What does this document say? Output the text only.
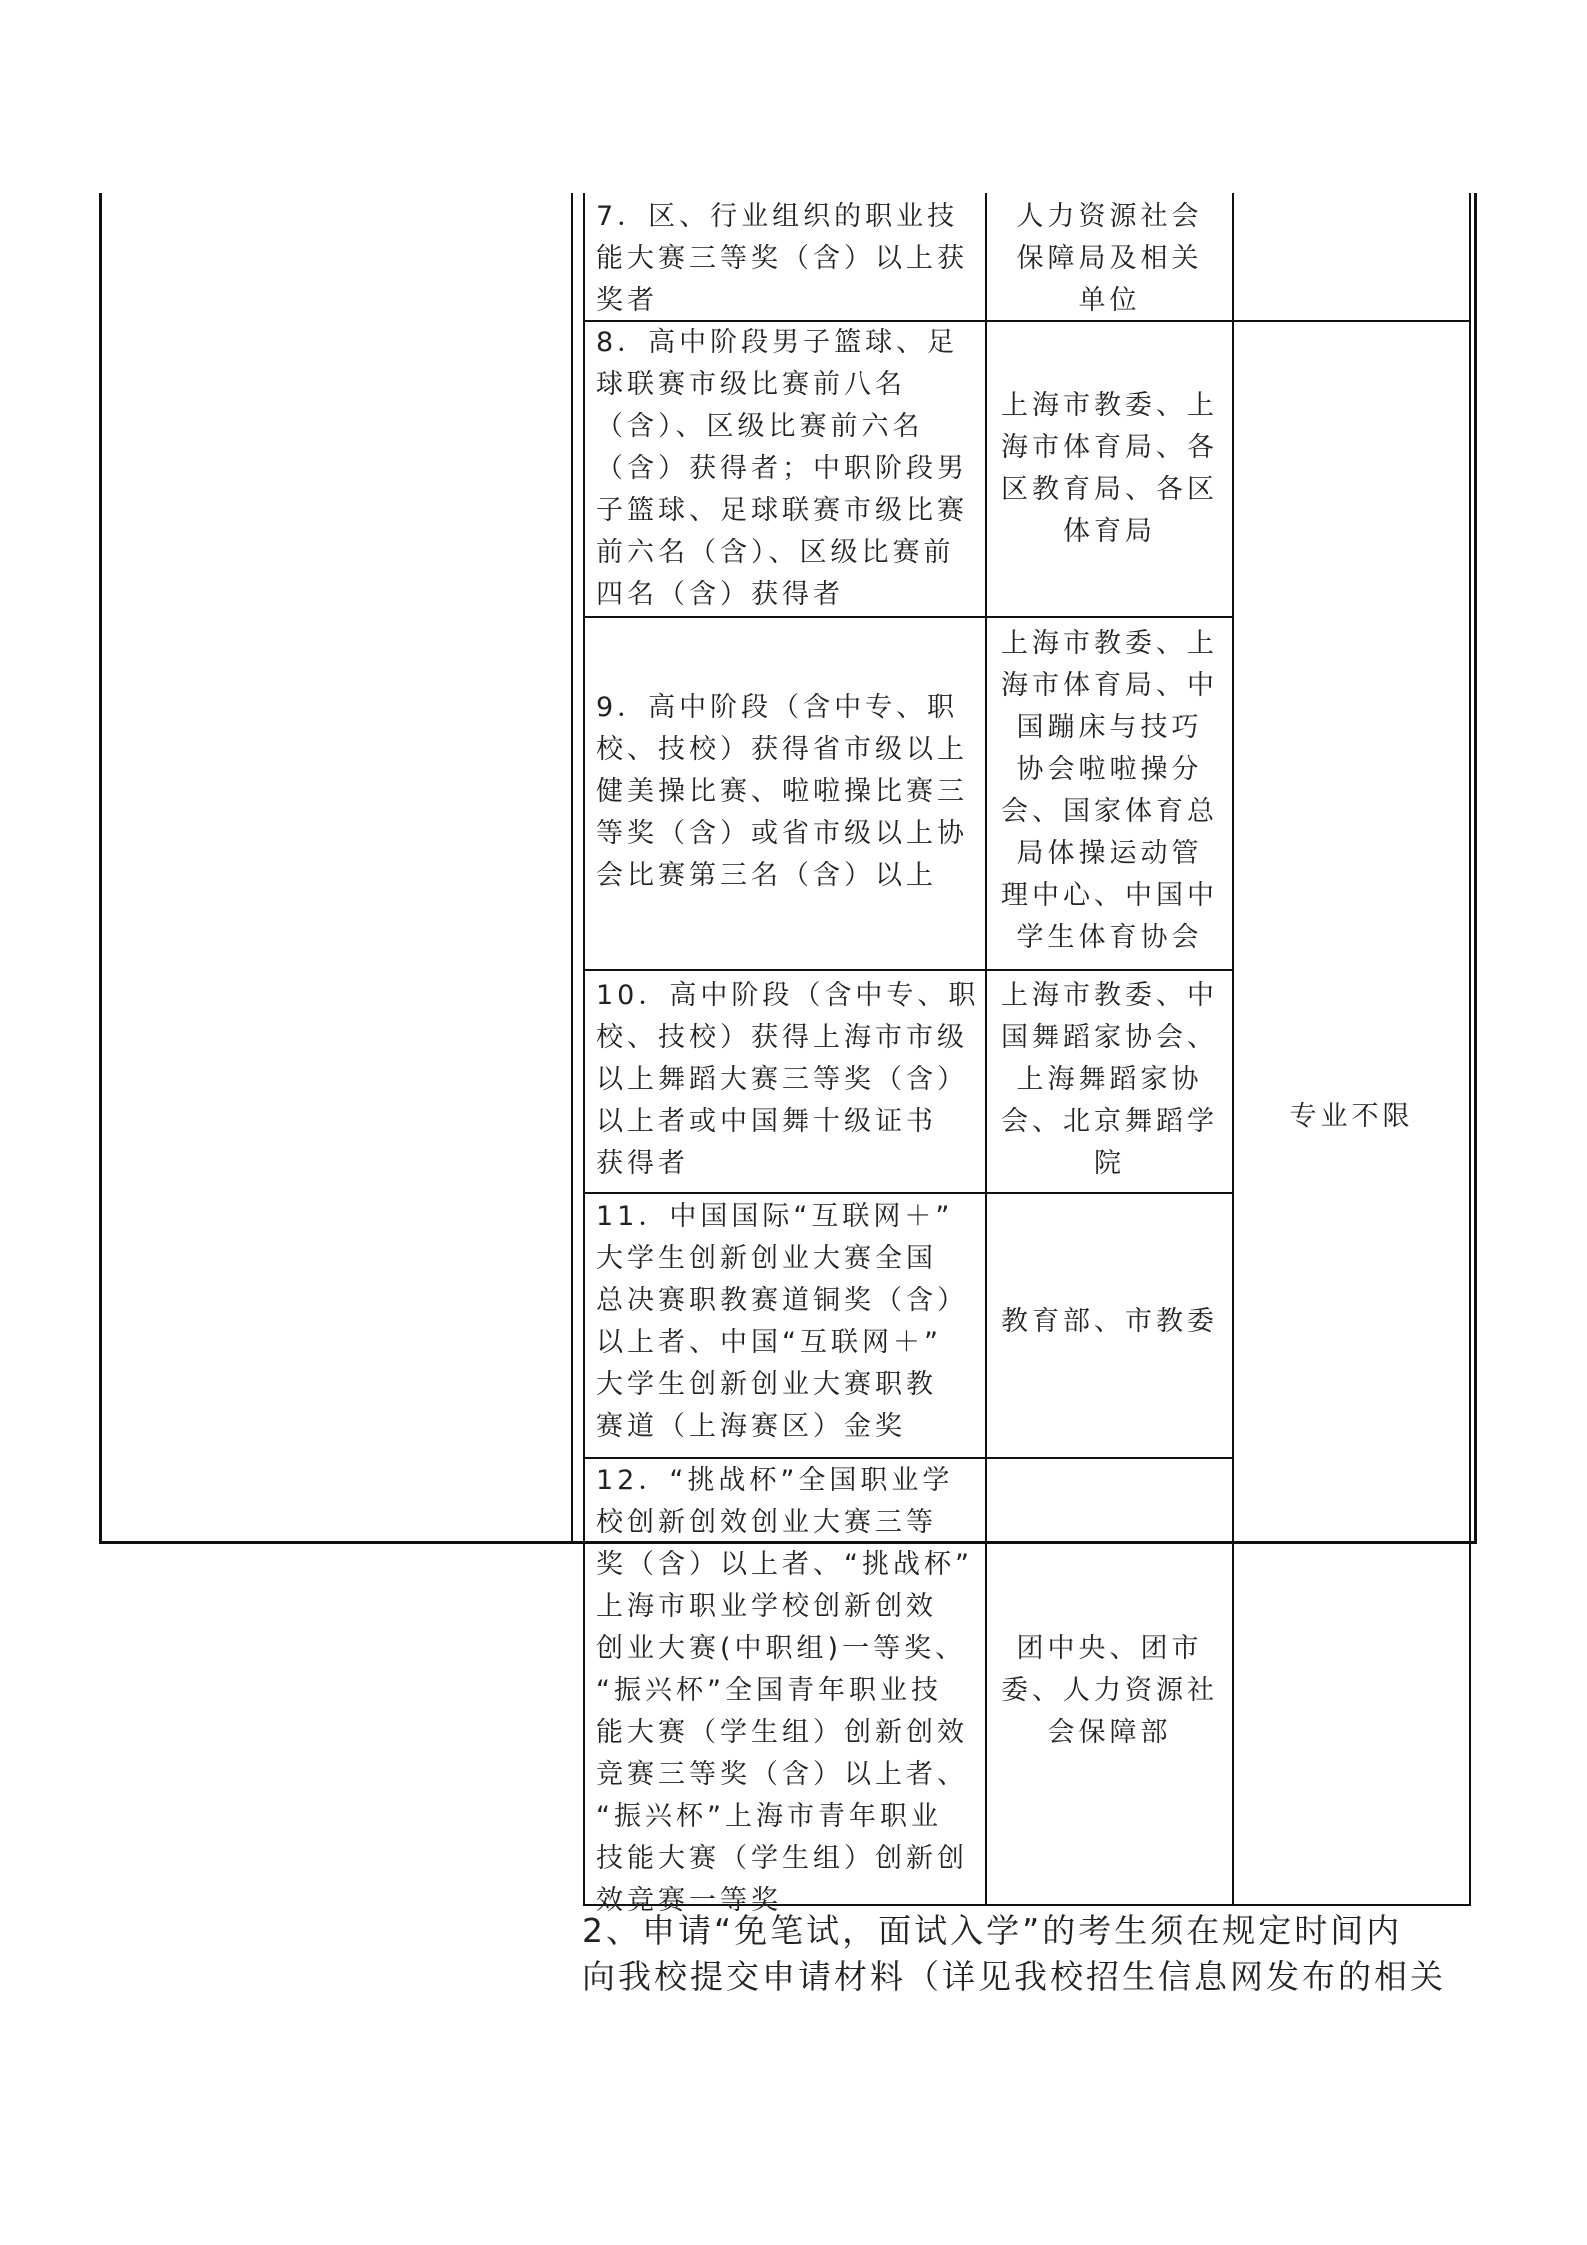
7．区、行业组织的职业技
能大赛三等奖（含）以上获
奖者
人力资源社会
保障局及相关
单位
8．高中阶段男子篮球、足
球联赛市级比赛前八名
（含）、区级比赛前六名
（含）获得者；中职阶段男
子篮球、足球联赛市级比赛
前六名（含）、区级比赛前
四名（含）获得者
上海市教委、上
海市体育局、各
区教育局、各区
体育局
9．高中阶段（含中专、职
校、技校）获得省市级以上
健美操比赛、啦啦操比赛三
等奖（含）或省市级以上协
会比赛第三名（含）以上
上海市教委、上
海市体育局、中
国蹦床与技巧
协会啦啦操分
会、国家体育总
局体操运动管
理中心、中国中
学生体育协会
10．高中阶段（含中专、职
校、技校）获得上海市市级
以上舞蹈大赛三等奖（含）
以上者或中国舞十级证书
获得者
上海市教委、中
国舞蹈家协会、
上海舞蹈家协
会、北京舞蹈学
院
11．中国国际“互联网＋”
大学生创新创业大赛全国
总决赛职教赛道铜奖（含）
以上者、中国“互联网＋”
大学生创新创业大赛职教
赛道（上海赛区）金奖
教育部、市教委
12．“挑战杯”全国职业学
校创新创效创业大赛三等
奖（含）以上者、“挑战杯”
上海市职业学校创新创效
创业大赛(中职组)一等奖、
“振兴杯”全国青年职业技
能大赛（学生组）创新创效
竞赛三等奖（含）以上者、
“振兴杯”上海市青年职业
技能大赛（学生组）创新创
效竞赛一等奖
团中央、团市
委、人力资源社
会保障部
专业不限
2、申请“免笔试，面试入学”的考生须在规定时间内
向我校提交申请材料（详见我校招生信息网发布的相关
